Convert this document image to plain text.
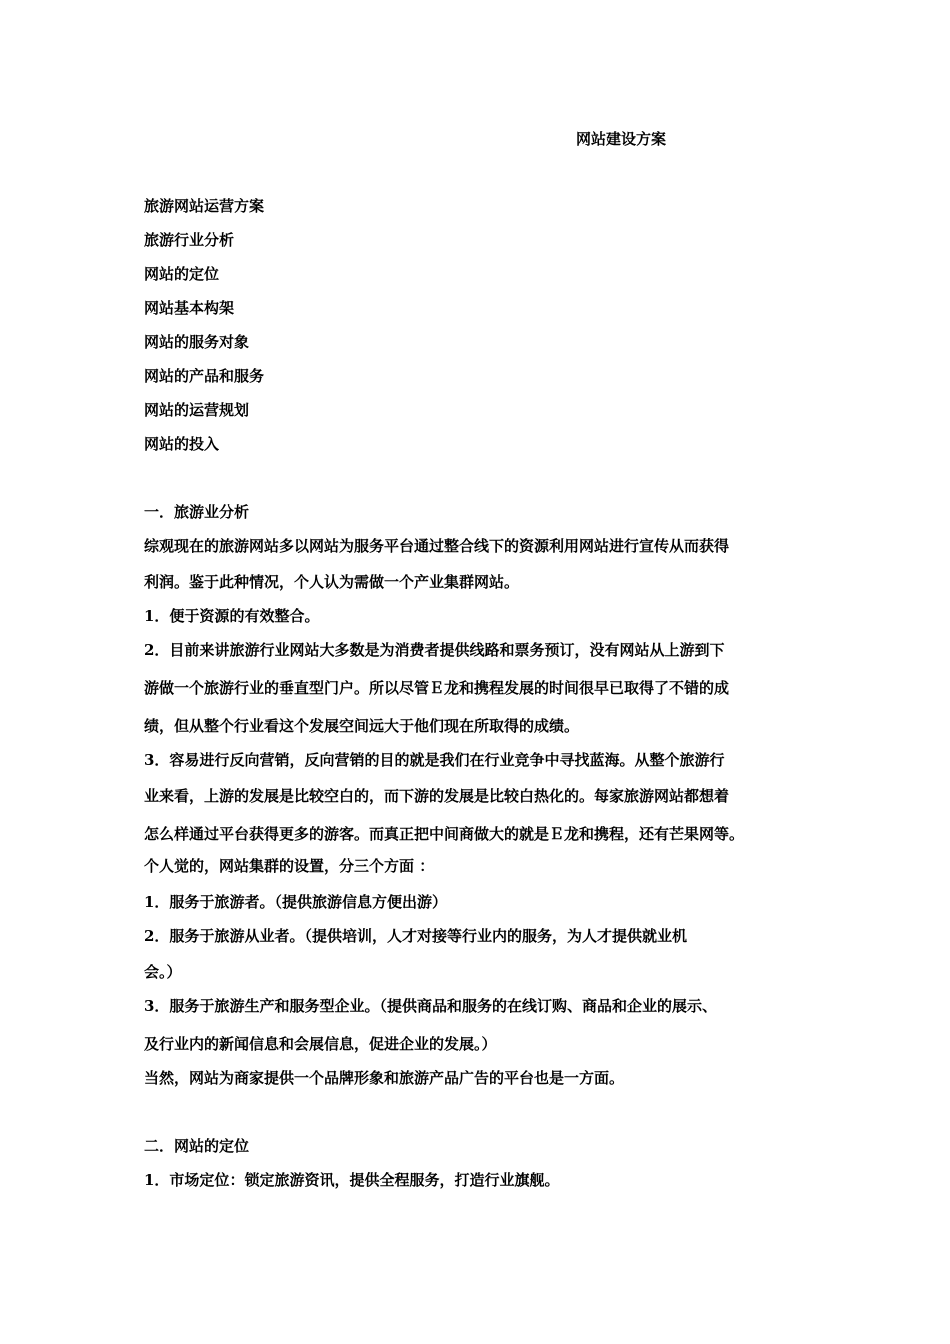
网站建设方案
旅游网站运营方案
旅游行业分析
网站的定位
网站基本构架
网站的服务对象
网站的产品和服务
网站的运营规划
网站的投入
一．旅游业分析
综观现在的旅游网站多以网站为服务平台通过整合线下的资源利用网站进行宣传从而获得
利润。鉴于此种情况，个人认为需做一个产业集群网站。
1．便于资源的有效整合。
2．目前来讲旅游行业网站大多数是为消费者提供线路和票务预订，没有网站从上游到下
游做一个旅游行业的垂直型门户。所以尽管Ｅ龙和携程发展的时间很早已取得了不错的成
绩，但从整个行业看这个发展空间远大于他们现在所取得的成绩。
3．容易进行反向营销，反向营销的目的就是我们在行业竞争中寻找蓝海。从整个旅游行
业来看，上游的发展是比较空白的，而下游的发展是比较白热化的。每家旅游网站都想着
怎么样通过平台获得更多的游客。而真正把中间商做大的就是Ｅ龙和携程，还有芒果网等。
个人觉的，网站集群的设置，分三个方面 ：
1．服务于旅游者。（提供旅游信息方便出游）
2．服务于旅游从业者。（提供培训，人才对接等行业内的服务，为人才提供就业机
会。）
3．服务于旅游生产和服务型企业。（提供商品和服务的在线订购、商品和企业的展示、
及行业内的新闻信息和会展信息，促进企业的发展。）
当然，网站为商家提供一个品牌形象和旅游产品广告的平台也是一方面。
二．网站的定位
1．市场定位：锁定旅游资讯，提供全程服务，打造行业旗舰。
